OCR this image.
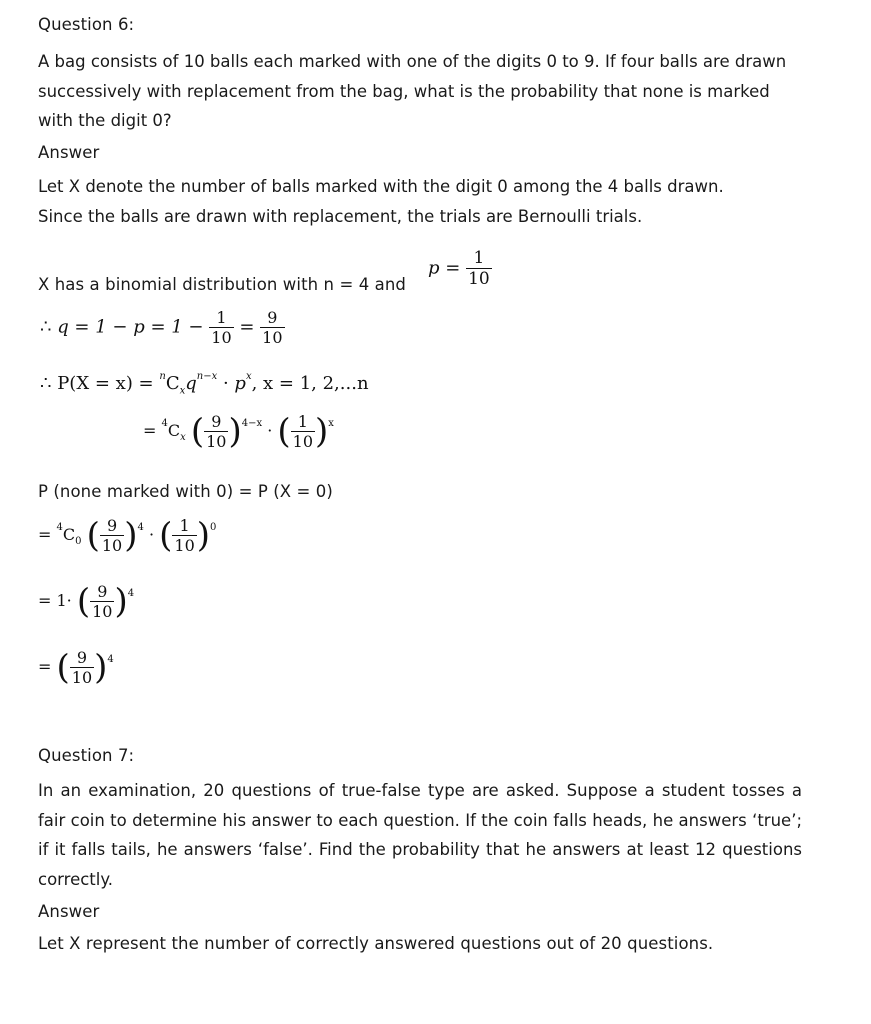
Question 6:
A bag consists of 10 balls each marked with one of the digits 0 to 9. If four balls are drawn successively with replacement from the bag, what is the probability that none is marked with the digit 0?
Answer
Let X denote the number of balls marked with the digit 0 among the 4 balls drawn. Since the balls are drawn with replacement, the trials are Bernoulli trials.
X has a binomial distribution with n = 4 and
$p = \frac{1}{10}$
∴ $q = 1 - p = 1 - \frac{1}{10} = \frac{9}{10}$
∴ $P(X = x) = ^nC_xq^{n-x} \cdot p^x$, x = 1, 2,...n
= $^4C_x$ ( $\frac{9}{10} )^{4-x}$ · ( $\frac{1}{10} )^x$
P (none marked with 0) = P (X = 0)
= $^4C_0$ ( $\frac{9}{10} )^4$ · ( $\frac{1}{10} )^0$
= 1· ( $\frac{9}{10} )^4$
= ( $\frac{9}{10} )^4$
Question 7:
In an examination, 20 questions of true-false type are asked. Suppose a student tosses a fair coin to determine his answer to each question. If the coin falls heads, he answers ‘true’; if it falls tails, he answers ‘false’. Find the probability that he answers at least 12 questions correctly.
Answer
Let X represent the number of correctly answered questions out of 20 questions.
